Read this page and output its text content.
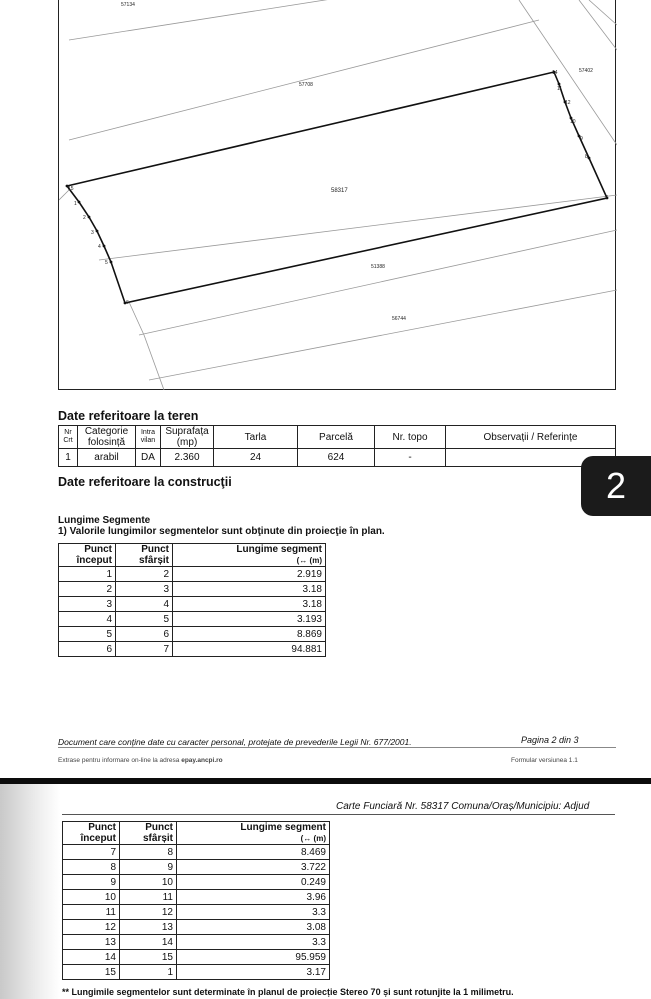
57134
57708
58317
51388
56744
57402
15
1
2
3
4
5
6
7
8
9
10
12
11
14
Date referitoare la teren
Nr Crt	Categorie folosință	Intra vilan	Suprafața (mp)	Tarla	Parcelă	Nr. topo	Observații / Referințe
1	arabil	DA	2.360	24	624	-	
Date referitoare la construcţii	2
Lungime Segmente
1) Valorile lungimilor segmentelor sunt obţinute din proiecţie în plan.
Punct început	Punct sfârșit	Lungime segment
(↔ (m)
1	2	2.919
2	3	3.18
3	4	3.18
4	5	3.193
5	6	8.869
6	7	94.881
Document care conţine date cu caracter personal, protejate de prevederile Legii Nr. 677/2001.	Pagina 2 din 3
Extrase pentru informare on-line la adresa epay.ancpi.ro	Formular versiunea 1.1
Carte Funciară Nr. 58317 Comuna/Oraș/Municipiu: Adjud
Punct început	Punct sfârșit	Lungime segment
(↔ (m)
7	8	8.469
8	9	3.722
9	10	0.249
10	11	3.96
11	12	3.3
12	13	3.08
13	14	3.3
14	15	95.959
15	1	3.17
** Lungimile segmentelor sunt determinate în planul de proiecție Stereo 70 și sunt rotunjite la 1 milimetru.
